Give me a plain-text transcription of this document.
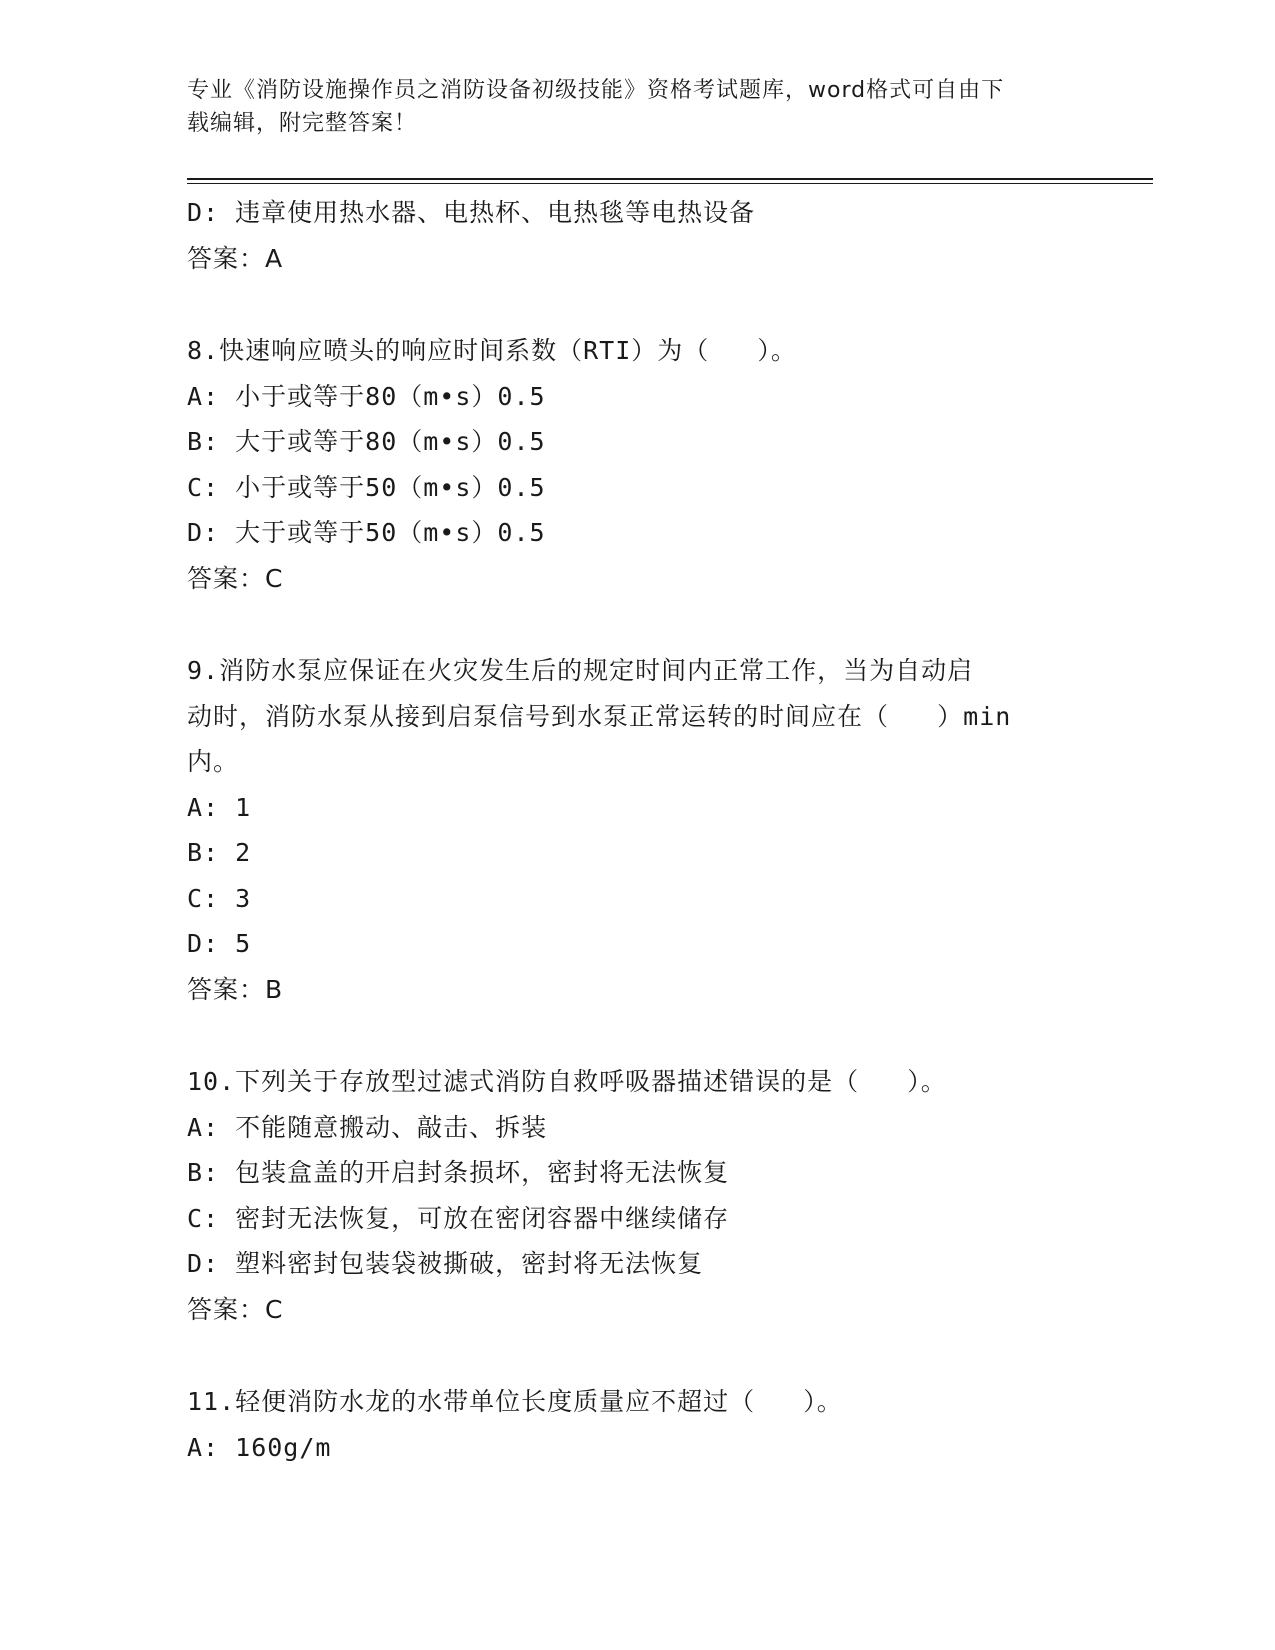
专业《消防设施操作员之消防设备初级技能》资格考试题库，word格式可自由下
载编辑，附完整答案！
D: 违章使用热水器、电热杯、电热毯等电热设备
答案：A
8.快速响应喷头的响应时间系数（RTI）为（   ）。
A: 小于或等于80（m•s）0.5
B: 大于或等于80（m•s）0.5
C: 小于或等于50（m•s）0.5
D: 大于或等于50（m•s）0.5
答案：C
9.消防水泵应保证在火灾发生后的规定时间内正常工作，当为自动启
动时，消防水泵从接到启泵信号到水泵正常运转的时间应在（   ）min
内。
A: 1
B: 2
C: 3
D: 5
答案：B
10.下列关于存放型过滤式消防自救呼吸器描述错误的是（   ）。
A: 不能随意搬动、敲击、拆装
B: 包装盒盖的开启封条损坏，密封将无法恢复
C: 密封无法恢复，可放在密闭容器中继续储存
D: 塑料密封包装袋被撕破，密封将无法恢复
答案：C
11.轻便消防水龙的水带单位长度质量应不超过（   ）。
A: 160g/m
